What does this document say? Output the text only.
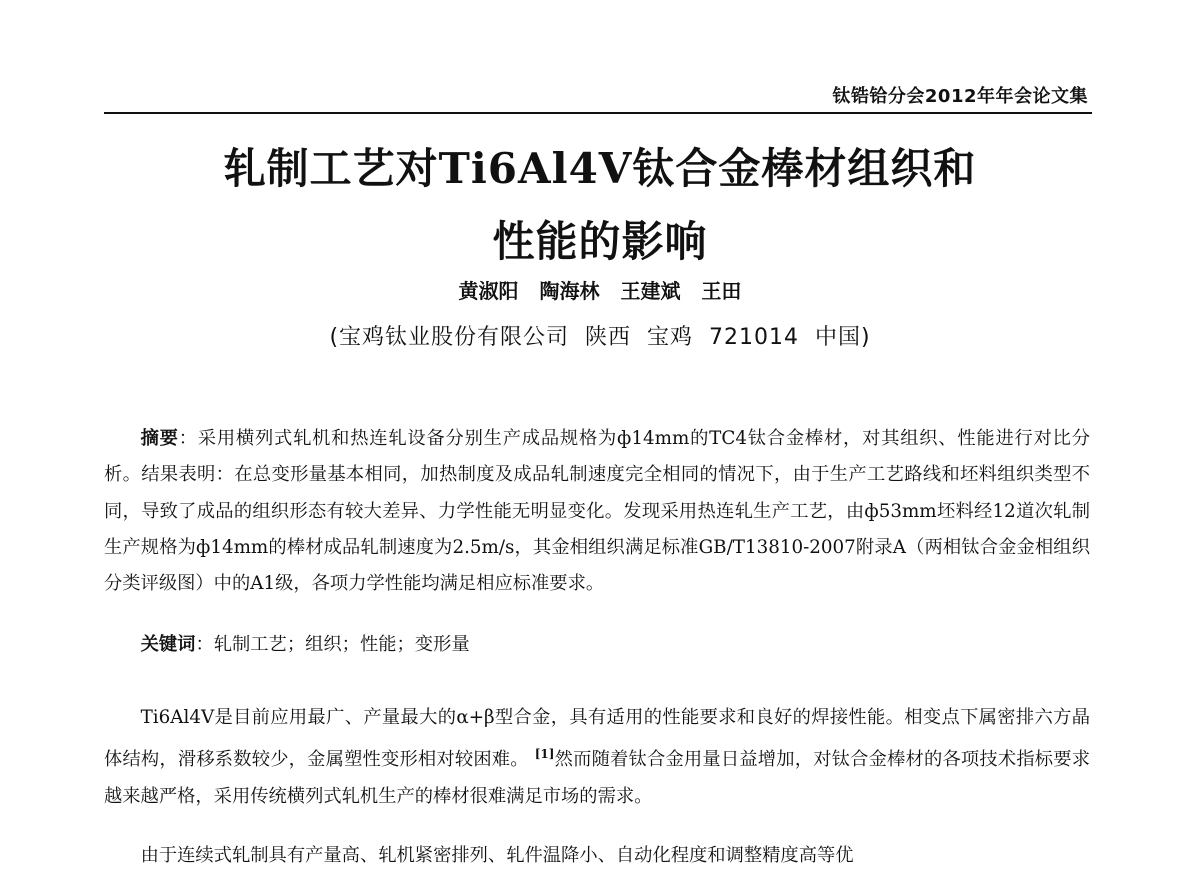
钛锆铪分会2012年年会论文集
轧制工艺对Ti6Al4V钛合金棒材组织和
性能的影响
黄淑阳 陶海林 王建斌 王田
(宝鸡钛业股份有限公司  陕西  宝鸡  721014  中国)
摘要：采用横列式轧机和热连轧设备分别生产成品规格为ф14mm的TC4钛合金棒材，对其组织、性能进行对比分析。结果表明：在总变形量基本相同，加热制度及成品轧制速度完全相同的情况下，由于生产工艺路线和坯料组织类型不同，导致了成品的组织形态有较大差异、力学性能无明显变化。发现采用热连轧生产工艺，由ф53mm坯料经12道次轧制生产规格为ф14mm的棒材成品轧制速度为2.5m/s，其金相组织满足标准GB/T13810-2007附录A（两相钛合金金相组织分类评级图）中的A1级，各项力学性能均满足相应标准要求。
关键词：轧制工艺；组织；性能；变形量
Ti6Al4V是目前应用最广、产量最大的α+β型合金，具有适用的性能要求和良好的焊接性能。相变点下属密排六方晶体结构，滑移系数较少，金属塑性变形相对较困难。 [1]然而随着钛合金用量日益增加，对钛合金棒材的各项技术指标要求越来越严格，采用传统横列式轧机生产的棒材很难满足市场的需求。
由于连续式轧制具有产量高、轧机紧密排列、轧件温降小、自动化程度和调整精度高等优
